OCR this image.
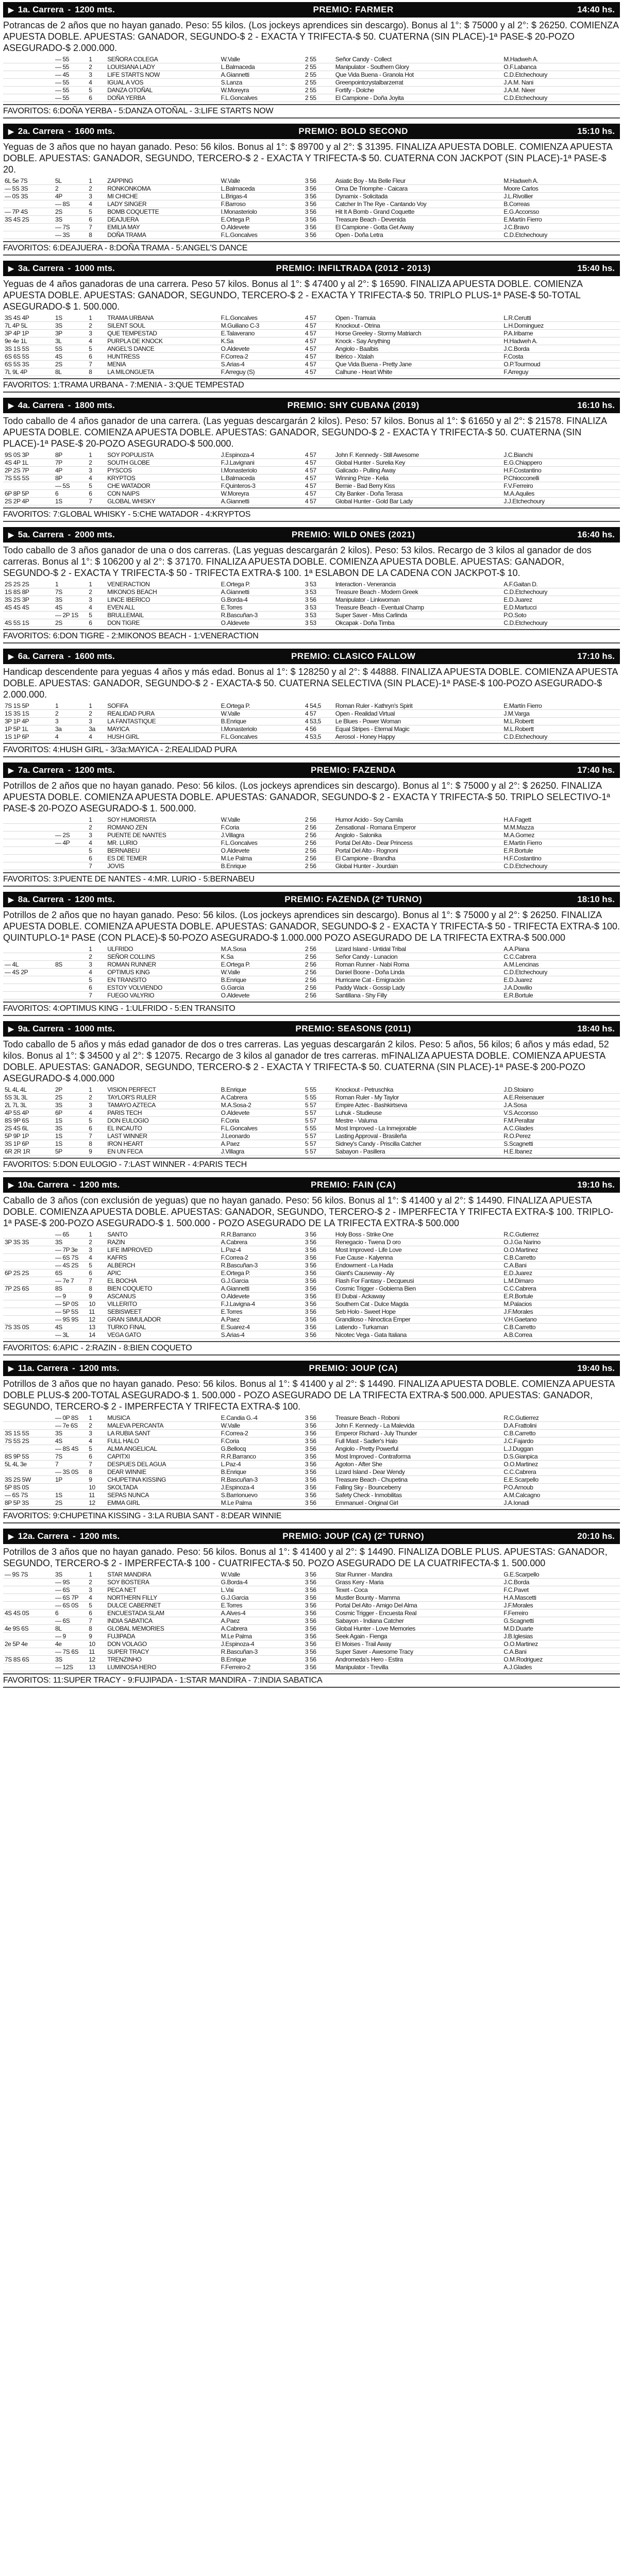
▶ 1a. Carrera - 1200 mts.	PREMIO: FARMER	14:40 hs.
Potrancas de 2 años que no hayan ganado. Peso: 55 kilos. (Los jockeys aprendices sin descargo). Bonus al 1°: $ 75000 y al 2°: $ 26250. COMIENZA APUESTA DOBLE. APUESTAS: GANADOR, SEGUNDO-$ 2 - EXACTA Y TRIFECTA-$ 50. CUATERNA (SIN PLACE)-1ª PASE-$ 20-POZO ASEGURADO-$ 2.000.000.
	— 55	1	SEÑORA COLEGA	W.Valle	2 55	Señor Candy - Collect	M.Hadweh A.
	— 55	2	LOUISIANA LADY	L.Balmaceda	2 55	Manipulator - Southern Glory	O.F.Labanca
	— 45	3	LIFE STARTS NOW	A.Giannetti	2 55	Que Vida Buena - Granola Hot	C.D.Etchechoury
	— 55	4	IGUAL A VOS	S.Lanza	2 55	Greenpointcrystalbarzerrat	J.A.M. Nani
	— 55	5	DANZA OTOÑAL	W.Moreyra	2 55	Fortify - Dolche	J.A.M. Nieer
	— 55	6	DOÑA YERBA	F.L.Goncalves	2 55	El Campione - Doña Joyita	C.D.Etchechoury
FAVORITOS: 6:DOÑA YERBA - 5:DANZA OTOÑAL - 3:LIFE STARTS NOW
▶ 2a. Carrera - 1600 mts.	PREMIO: BOLD SECOND	15:10 hs.
Yeguas de 3 años que no hayan ganado. Peso: 56 kilos. Bonus al 1°: $ 89700 y al 2°: $ 31395. FINALIZA APUESTA DOBLE. COMIENZA APUESTA DOBLE. APUESTAS: GANADOR, SEGUNDO, TERCERO-$ 2 - EXACTA Y TRIFECTA-$ 50. CUATERNA CON JACKPOT (SIN PLACE)-1ª PASE-$ 20.
6L 5e 7S	5L	1	ZAPPING	W.Valle	3 56	Asiatic Boy - Ma Belle Fleur	M.Hadweh A.
— 5S 3S	2	2	RONKONKOMA	L.Balmaceda	3 56	Oma De Triomphe - Caicara	Moore Carlos
— 0S 3S	4P	3	MI CHICHE	L.Brigas-4	3 56	Dynamix - Solicitada	J.L.Rivollier
	— 8S	4	LADY SINGER	F.Barroso	3 56	Catcher In The Rye - Cantando Voy	B.Correas
— 7P 4S	2S	5	BOMB COQUETTE	I.Monasteriolo	3 56	Hit It A Bomb - Grand Coquette	E.G.Accorsso
3S 4S 2S	3S	6	DEAJUERA	E.Ortega P.	3 56	Treasure Beach - Devenida	E.Martín Fierro
	— 7S	7	EMILIA MAY	O.Aldevete	3 56	El Campione - Gotta Get Away	J.C.Bravo
	— 3S	8	DOÑA TRAMA	F.L.Goncalves	3 56	Open - Doña Letra	C.D.Etchechoury
FAVORITOS: 6:DEAJUERA - 8:DOÑA TRAMA - 5:ANGEL'S DANCE
▶ 3a. Carrera - 1000 mts.	PREMIO: INFILTRADA (2012 - 2013)	15:40 hs.
Yeguas de 4 años ganadoras de una carrera. Peso 57 kilos. Bonus al 1°: $ 47400 y al 2°: $ 16590. FINALIZA APUESTA DOBLE. COMIENZA APUESTA DOBLE. APUESTAS: GANADOR, SEGUNDO, TERCERO-$ 2 - EXACTA Y TRIFECTA-$ 50. TRIPLO PLUS-1ª PASE-$ 50-TOTAL ASEGURADO-$ 1. 500.000.
3S 4S 4P	1S	1	TRAMA URBANA	F.L.Goncalves	4 57	Open - Tramuia	L.R.Cerutti
7L 4P 5L	3S	2	SILENT SOUL	M.Guiliano C-3	4 57	Knockout - Otrina	L.H.Dominguez
3P 4P 1P	3P	3	QUE TEMPESTAD	E.Talaverano	4 57	Horse Greeley - Stormy Matriarch	P.A.Iribarne
9e 4e 1L	3L	4	PURPLA DE KNOCK	K.Sa	4 57	Knock - Say Anything	H.Hadweh A.
3S 1S 5S	5S	5	ANGEL'S DANCE	O.Aldevete	4 57	Angiolo - Baalbis	J.C.Borda
6S 6S 5S	4S	6	HUNTRESS	F.Correa-2	4 57	Ibérico - Xtalah	F.Costa
6S 5S 3S	2S	7	MENIA	S.Arias-4	4 57	Que Vida Buena - Pretty Jane	O.P.Tourmoud
7L 9L 4P	8L	8	LA MILONGUETA	F.Arreguy (S)	4 57	Calhune - Heart White	F.Arreguy
FAVORITOS: 1:TRAMA URBANA - 7:MENIA - 3:QUE TEMPESTAD
▶ 4a. Carrera - 1800 mts.	PREMIO: SHY CUBANA (2019)	16:10 hs.
Todo caballo de 4 años ganador de una carrera. (Las yeguas descargarán 2 kilos). Peso: 57 kilos. Bonus al 1°: $ 61650 y al 2°: $ 21578. FINALIZA APUESTA DOBLE. COMIENZA APUESTA DOBLE. APUESTAS: GANADOR, SEGUNDO-$ 2 - EXACTA Y TRIFECTA-$ 50. CUATERNA (SIN PLACE)-1ª PASE-$ 20-POZO ASEGURADO-$ 500.000.
9S 0S 3P	8P	1	SOY POPULISTA	J.Espinoza-4	4 57	John F. Kennedy - Still Awesome	J.C.Bianchi
4S 4P 1L	7P	2	SOUTH GLOBE	F.J.Lavignani	4 57	Global Hunter - Surelia Key	E.G.Chiappero
2P 2S 7P	4P	3	PYSCOS	I.Monasteriolo	4 57	Galicado - Pulling Away	H.F.Costantino
7S 5S 5S	8P	4	KRYPTOS	L.Balmaceda	4 57	Winning Prize - Kelia	P.Chiocconelli
	— 5S	5	CHE WATADOR	F.Quinteros-3	4 57	Bernie - Bad Berry Kiss	F.V.Ferreiro
6P 8P 5P	6	6	CON NAIPS	W.Moreyra	4 57	City Banker - Doña Terasa	M.A.Aquiles
2S 2P 4P	1S	7	GLOBAL WHISKY	A.Giannetti	4 57	Global Hunter - Gold Bar Lady	J.J.Etchechoury
FAVORITOS: 7:GLOBAL WHISKY - 5:CHE WATADOR - 4:KRYPTOS
▶ 5a. Carrera - 2000 mts.	PREMIO: WILD ONES (2021)	16:40 hs.
Todo caballo de 3 años ganador de una o dos carreras. (Las yeguas descargarán 2 kilos). Peso: 53 kilos. Recargo de 3 kilos al ganador de dos carreras. Bonus al 1°: $ 106200 y al 2°: $ 37170. FINALIZA APUESTA DOBLE. COMIENZA APUESTA DOBLE. APUESTAS: GANADOR, SEGUNDO-$ 2 - EXACTA Y TRIFECTA-$ 50 - TRIFECTA EXTRA-$ 100. 1ª ESLABON DE LA CADENA CON JACKPOT-$ 10.
2S 2S 2S	1	1	VENERACTION	E.Ortega P.	3 53	Interaction - Venerancia	A.F.Gaitan D.
1S 8S 8P	7S	2	MIKONOS BEACH	A.Giannetti	3 53	Treasure Beach - Modern Greek	C.D.Etchechoury
3S 2S 3P	3S	3	LINCE IBERICO	G.Borda-4	3 56	Manipulator - Linkwoman	E.D.Juarez
4S 4S 4S	4S	4	EVEN ALL	E.Torres	3 53	Treasure Beach - Eventual Champ	E.D.Martucci
	— 2P 1S	5	BRULLEMAIL	R.Bascuñan-3	3 53	Super Saver - Miss Carlinda	P.O.Soto
4S 5S 1S	2S	6	DON TIGRE	O.Aldevete	3 53	Okcapak - Doña Timba	C.D.Etchechoury
FAVORITOS: 6:DON TIGRE - 2:MIKONOS BEACH - 1:VENERACTION
▶ 6a. Carrera - 1600 mts.	PREMIO: CLASICO FALLOW	17:10 hs.
Handicap descendente para yeguas 4 años y más edad. Bonus al 1°: $ 128250 y al 2°: $ 44888. FINALIZA APUESTA DOBLE. COMIENZA APUESTA DOBLE. APUESTAS: GANADOR, SEGUNDO-$ 2 - EXACTA-$ 50. CUATERNA SELECTIVA (SIN PLACE)-1ª PASE-$ 100-POZO ASEGURADO-$ 2.000.000.
7S 1S 5P	1	1	SOFIFA	E.Ortega P.	4 54,5	Roman Ruler - Kathryn's Spirit	E.Martín Fierro
1S 3S 1S	2	2	REALIDAD PURA	W.Valle	4 57	Open - Realidad Virtual	J.M.Varga
3P 1P 4P	3	3	LA FANTASTIQUE	B.Enrique	4 53,5	Le Blues - Power Woman	M.L.Robertt
1P 5P 1L	3a	3a	MAYICA	I.Monasteriolo	4 56	Equal Stripes - Eternal Magic	M.L.Robertt
1S 1P 6P	4	4	HUSH GIRL	F.L.Goncalves	4 53,5	Aerosol - Honey Happy	C.D.Etchechoury
FAVORITOS: 4:HUSH GIRL - 3/3a:MAYICA - 2:REALIDAD PURA
▶ 7a. Carrera - 1200 mts.	PREMIO: FAZENDA	17:40 hs.
Potrillos de 2 años que no hayan ganado. Peso: 56 kilos. (Los jockeys aprendices sin descargo). Bonus al 1°: $ 75000 y al 2°: $ 26250. FINALIZA APUESTA DOBLE. COMIENZA APUESTA DOBLE. APUESTAS: GANADOR, SEGUNDO-$ 2 - EXACTA Y TRIFECTA-$ 50. TRIPLO SELECTIVO-1ª PASE-$ 20-POZO ASEGURADO-$ 1. 500.000.
		1	SOY HUMORISTA	W.Valle	2 56	Humor Acido - Soy Camila	H.A.Fagett
		2	ROMANO ZEN	F.Coria	2 56	Zensational - Romana Emperor	M.M.Mazza
	— 2S	3	PUENTE DE NANTES	J.Villagra	2 56	Angiolo - Salonika	M.A.Gomez
	— 4P	4	MR. LURIO	F.L.Goncalves	2 56	Portal Del Alto - Dear Princess	E.Martín Fierro
		5	BERNABEU	O.Aldevete	2 56	Portal Del Alto - Rognoni	E.R.Bortule
		6	ES DE TEMER	M.Le Palma	2 56	El Campione - Brandha	H.F.Costantino
		7	JOVIS	B.Enrique	2 56	Global Hunter - Jourdain	C.D.Etchechoury
FAVORITOS: 3:PUENTE DE NANTES - 4:MR. LURIO - 5:BERNABEU
▶ 8a. Carrera - 1200 mts.	PREMIO: FAZENDA (2º TURNO)	18:10 hs.
Potrillos de 2 años que no hayan ganado. Peso: 56 kilos. (Los jockeys aprendices sin descargo). Bonus al 1°: $ 75000 y al 2°: $ 26250. FINALIZA APUESTA DOBLE. COMIENZA APUESTA DOBLE. APUESTAS: GANADOR, SEGUNDO-$ 2 - EXACTA Y TRIFECTA-$ 50 - TRIFECTA EXTRA-$ 100. QUINTUPLO-1ª PASE (CON PLACE)-$ 50-POZO ASEGURADO-$ 1.000.000 POZO ASEGURADO DE LA TRIFECTA EXTRA-$ 500.000
		1	ULFRIDO	M.A.Sosa	2 56	Lizard Island - Untidal Tribal	A.A.Piana
		2	SEÑOR COLLINS	K.Sa	2 56	Señor Candy - Lunacion	C.C.Cabrera
— 4L	8S	3	ROMAN RUNNER	E.Ortega P.	2 56	Roman Runner - Nabí Roma	A.M.Lencinas
— 4S 2P		4	OPTIMUS KING	W.Valle	2 56	Daniel Boone - Doña Linda	C.D.Etchechoury
		5	EN TRANSITO	B.Enrique	2 56	Hurricane Cat - Emigración	E.D.Juarez
		6	ESTOY VOLVIENDO	G.Garcia	2 56	Paddy Wack - Gossip Lady	J.A.Dowilio
		7	FUEGO VALYRIO	O.Aldevete	2 56	Santillana - Shy Filly	E.R.Bortule
FAVORITOS: 4:OPTIMUS KING - 1:ULFRIDO - 5:EN TRANSITO
▶ 9a. Carrera - 1000 mts.	PREMIO: SEASONS (2011)	18:40 hs.
Todo caballo de 5 años y más edad ganador de dos o tres carreras. Las yeguas descargarán 2 kilos. Peso: 5 años, 56 kilos; 6 años y más edad, 52 kilos. Bonus al 1°: $ 34500 y al 2°: $ 12075. Recargo de 3 kilos al ganador de tres carreras. mFINALIZA APUESTA DOBLE. COMIENZA APUESTA DOBLE. APUESTAS: GANADOR, SEGUNDO, TERCERO-$ 2 - EXACTA Y TRIFECTA-$ 50. CUATERNA (SIN PLACE)-1ª PASE-$ 200-POZO ASEGURADO-$ 4.000.000
5L 4L 4L	2P	1	VISION PERFECT	B.Enrique	5 55	Knockout - Petruschka	J.D.Stoiano
5S 3L 3L	2S	2	TAYLOR'S RULER	A.Cabrera	5 55	Roman Ruler - My Taylor	A.E.Reisenauer
2L 7L 3L	3S	3	TAMAYO AZTECA	M.A.Sosa-2	5 57	Empire Aztec - Bashkirtseva	J.A.Sosa
4P 5S 4P	6P	4	PARIS TECH	O.Aldevete	5 57	Luhuk - Studieuse	V.S.Accorsso
8S 9P 6S	1S	5	DON EULOGIO	F.Coria	5 57	Mestre - Valuma	F.M.Peraltar
2S 4S 6L	3S	6	EL INCAUTO	F.L.Goncalves	5 55	Most Improved - La Inmejorable	A.C.Glades
5P 9P 1P	1S	7	LAST WINNER	J.Leonardo	5 57	Lasting Approval - Brasileña	R.O.Perez
3S 1P 6P	1S	8	IRON HEART	A.Paez	5 57	Sidney's Candy - Priscilla Catcher	S.Scagnetti
6R 2R 1R	5P	9	EN UN FECA	J.Villagra	5 57	Sabayon - Pasillera	H.E.Ibanez
FAVORITOS: 5:DON EULOGIO - 7:LAST WINNER - 4:PARIS TECH
▶ 10a. Carrera - 1200 mts.	PREMIO: FAIN (CA)	19:10 hs.
Caballo de 3 años (con exclusión de yeguas) que no hayan ganado. Peso: 56 kilos. Bonus al 1°: $ 41400 y al 2°: $ 14490. FINALIZA APUESTA DOBLE. COMIENZA APUESTA DOBLE. APUESTAS: GANADOR, SEGUNDO, TERCERO-$ 2 - IMPERFECTA Y TRIFECTA EXTRA-$ 100. TRIPLO-1ª PASE-$ 200-POZO ASEGURADO-$ 1. 500.000 - POZO ASEGURADO DE LA TRIFECTA EXTRA-$ 500.000
	— 65	1	SANTO	R.R.Barranco	3 56	Holy Boss - Strike One	R.C.Gutierrez
3P 3S 3S	3S	2	RAZIN	A.Cabrera	3 56	Renegacio - Twena D oro	O.J.Ga Narino
	— 7P 3e	3	LIFE IMPROVED	L.Paz-4	3 56	Most Improved - Life Love	O.O.Martinez
	— 6S 7S	4	KAFRS	F.Correa-2	3 56	Fue Cause - Kalyenna	C.B.Carretto
	— 4S 2S	5	ALBERCH	R.Bascuñan-3	3 56	Endowment - La Hada	C.A.Bani
6P 2S 2S	6S	6	APIC	E.Ortega P.	3 56	Giant's Causeway - Aly	E.D.Juarez
	— 7e 7	7	EL BOCHA	G.J.Garcia	3 56	Flash For Fantasy - Decqueusi	L.M.Dimaro
7P 2S 6S	8S	8	BIEN COQUETO	A.Giannetti	3 56	Cosmic Trigger - Gobierna Bien	C.C.Cabrera
	— 9	9	ASCANUS	O.Aldevete	3 56	El Dubai - Ackaway	E.R.Bortule
	— 5P 0S	10	VILLERITO	F.J.Lavigna-4	3 56	Southern Cat - Dulce Magda	M.Palacios
	— 5P 5S	11	SEBISWEET	E.Torres	3 56	Seb Holo - Sweet Hope	J.F.Morales
	— 9S 9S	12	GRAN SIMULADOR	A.Paez	3 56	Grandiloso - Ninoctica Emper	V.H.Gaetano
7S 3S 0S	4S	13	TURKO FINAL	E.Suarez-4	3 56	Latiendo - Turkaman	C.B.Carretto
	— 3L	14	VEGA GATO	S.Arias-4	3 56	Nicotec Vega - Gata Italiana	A.B.Correa
FAVORITOS: 6:APIC - 2:RAZIN - 8:BIEN COQUETO
▶ 11a. Carrera - 1200 mts.	PREMIO: JOUP (CA)	19:40 hs.
Potrillos de 3 años que no hayan ganado. Peso: 56 kilos. Bonus al 1°: $ 41400 y al 2°: $ 14490. FINALIZA APUESTA DOBLE. COMIENZA APUESTA DOBLE PLUS-$ 200-TOTAL ASEGURADO-$ 1. 500.000 - POZO ASEGURADO DE LA TRIFECTA EXTRA-$ 500.000. APUESTAS: GANADOR, SEGUNDO, TERCERO-$ 2 - IMPERFECTA Y TRIFECTA EXTRA-$ 100.
	— 0P 8S	1	MUSICA	E.Candia G.-4	3 56	Treasure Beach - Roboni	R.C.Gutierrez
	— 7e 6S	2	MALEVA PERCANTA	W.Valle	3 56	John F. Kennedy - La Malevida	D.A.Frattolini
3S 1S 5S	3S	3	LA RUBIA SANT	F.Correa-2	3 56	Emperor Richard - July Thunder	C.B.Carretto
7S 5S 2S	4S	4	FULL HALO	F.Coria	3 56	Full Mast - Sadler's Halo	J.C.Fajardo
	— 8S 4S	5	ALMA ANGELICAL	G.Bellocq	3 56	Angiolo - Pretty Powerful	L.J.Duggan
8S 9P 5S	7S	6	CAPITXI	R.R.Barranco	3 56	Most Improved - Contraforma	D.S.Gianpica
5L 4L 3e	7	7	DESPUES DEL AGUA	L.Paz-4	3 56	Agoton - After She	O.O.Martinez
	— 3S 0S	8	DEAR WINNIE	B.Enrique	3 56	Lizard Island - Dear Wendy	C.C.Cabrera
3S 2S 5W	1P	9	CHUPETINA KISSING	R.Bascuñan-3	3 56	Treasure Beach - Chupetina	E.E.Scarpello
5P 8S 0S		10	SKOLTADA	J.Espinoza-4	3 56	Falling Sky - Bounceberry	P.O.Arnoub
— 6S 7S	1S	11	SEPAS NUNCA	S.Barrionuevo	3 56	Safety Check - Inmobilitas	A.M.Calcagno
8P 5P 3S	2S	12	EMMA GIRL	M.Le Palma	3 56	Emmanuel - Original Girl	J.A.Ionadi
FAVORITOS: 9:CHUPETINA KISSING - 3:LA RUBIA SANT - 8:DEAR WINNIE
▶ 12a. Carrera - 1200 mts.	PREMIO: JOUP (CA) (2º TURNO)	20:10 hs.
Potrillos de 3 años que no hayan ganado. Peso: 56 kilos. Bonus al 1°: $ 41400 y al 2°: $ 14490. FINALIZA DOBLE PLUS. APUESTAS: GANADOR, SEGUNDO, TERCERO-$ 2 - IMPERFECTA-$ 100 - CUATRIFECTA-$ 50. POZO ASEGURADO DE LA CUATRIFECTA-$ 1. 500.000
— 9S 7S	3S	1	STAR MANDIRA	W.Valle	3 56	Star Runner - Mandira	G.E.Scarpello
	— 9S	2	SOY BOSTERA	G.Borda-4	3 56	Grass Kery - Maria	J.C.Borda
	— 6S	3	PECA NET	L.Vai	3 56	Texet - Coca	F.C.Pavet
	— 6S 7P	4	NORTHERN FILLY	G.J.Garcia	3 56	Mustler Bounty - Mamma	H.A.Mascetti
	— 6S 0S	5	DULCE CABERNET	E.Torres	3 56	Portal Del Alto - Amigo Del Alma	J.F.Morales
4S 4S 0S	6	6	ENCUESTADA SLAM	A.Alves-4	3 56	Cosmic Trigger - Encuesta Real	F.Ferreiro
	— 6S	7	INDIA SABATICA	A.Paez	3 56	Sabayon - Indiana Catcher	G.Scagnetti
4e 9S 6S	8L	8	GLOBAL MEMORIES	A.Cabrera	3 56	Global Hunter - Love Memories	M.D.Duarte
	— 9	9	FUJIPADA	M.Le Palma	3 56	Seek Again - Fienga	J.B.Iglesias
2e 5P 4e	4e	10	DON VOLAGO	J.Espinoza-4	3 56	El Moises - Trail Away	O.O.Martinez
	— 7S 6S	11	SUPER TRACY	R.Bascuñan-3	3 56	Super Saver - Awesome Tracy	C.A.Bani
7S 8S 6S	3S	12	TRENZINHO	B.Enrique	3 56	Andromeda's Hero - Estira	O.M.Rodriguez
	— 12S	13	LUMINOSA HERO	F.Ferreiro-2	3 56	Manipulator - Trevilla	A.J.Glades
FAVORITOS: 11:SUPER TRACY - 9:FUJIPADA - 1:STAR MANDIRA - 7:INDIA SABATICA
